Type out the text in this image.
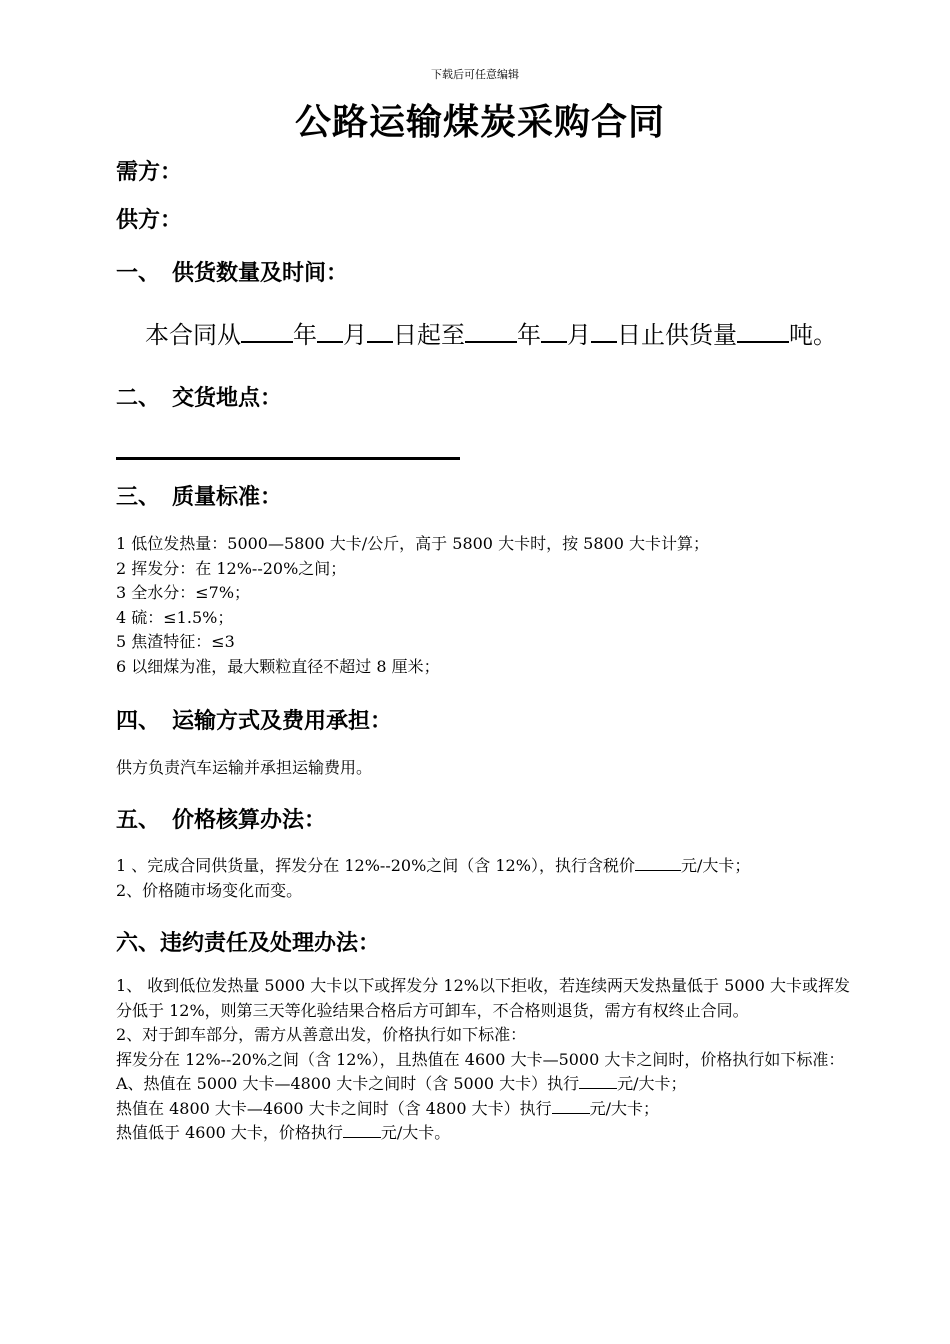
下载后可任意编辑
公路运输煤炭采购合同
需方：
供方：
一、 供货数量及时间：
本合同从 年 月 日起至 年 月 日止供货量 吨。
二、 交货地点：
三、 质量标准：

1 低位发热量：5000—5800 大卡/公斤，高于 5800 大卡时，按 5800 大卡计算；

2 挥发分：在 12%--20%之间；

3 全水分：≤7%；

4 硫：≤1.5%；

5 焦渣特征：≤3

6 以细煤为准，最大颗粒直径不超过 8 厘米；

四、 运输方式及费用承担：

供方负责汽车运输并承担运输费用。

五、 价格核算办法：

1 、完成合同供货量，挥发分在 12%--20%之间（含 12%），执行含税价	元/大卡；

2、价格随市场变化而变。

六、违约责任及处理办法：

1、 收到低位发热量 5000 大卡以下或挥发分 12%以下拒收，若连续两天发热量低于 5000 大卡或挥发分低于 12%，则第三天等化验结果合格后方可卸车，不合格则退货，需方有权终止合同。

2、对于卸车部分，需方从善意出发，价格执行如下标准：

挥发分在 12%--20%之间（含 12%），且热值在 4600 大卡—5000 大卡之间时，价格执行如下标准：

A、热值在 5000 大卡—4800 大卡之间时（含 5000 大卡）执行 元/大卡；

热值在 4800 大卡—4600 大卡之间时（含 4800 大卡）执行 元/大卡；

热值低于 4600 大卡，价格执行 元/大卡。
